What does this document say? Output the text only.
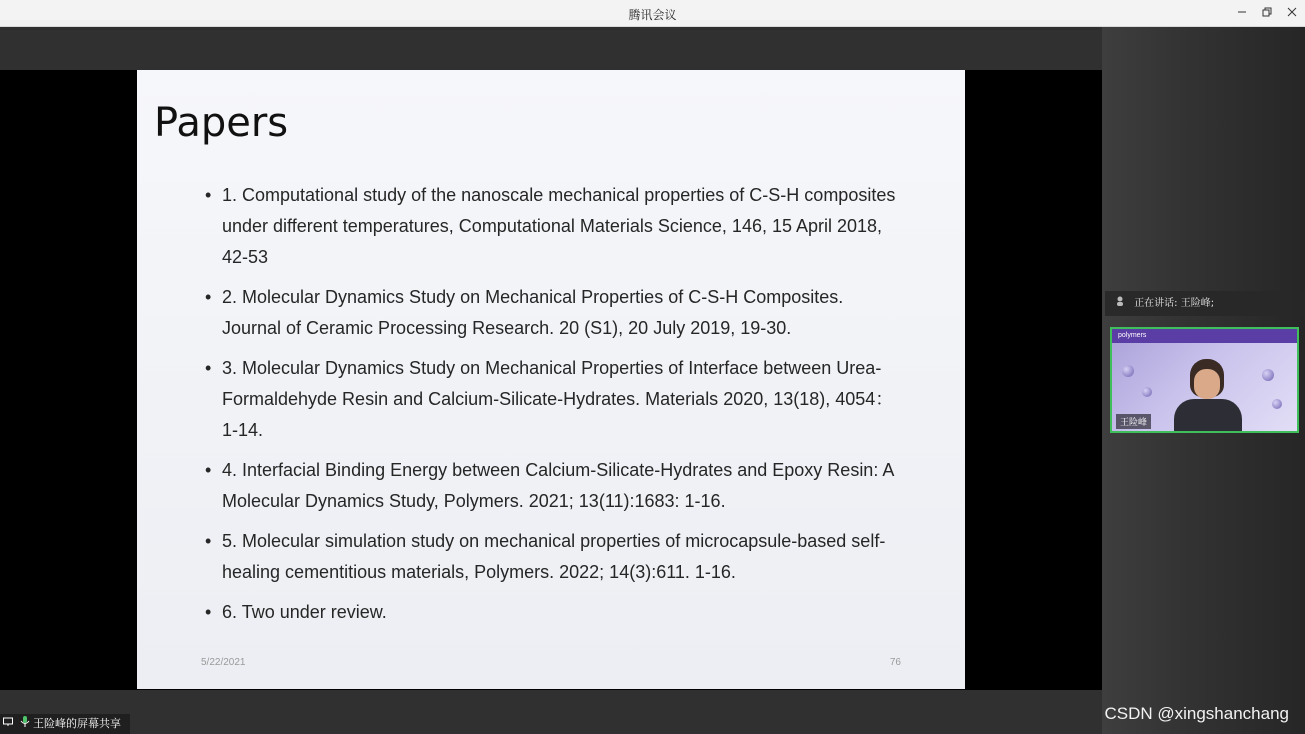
腾讯会议
Papers
• 1. Computational study of the nanoscale mechanical properties of C-S-H composites under different temperatures, Computational Materials Science, 146, 15 April 2018, 42-53
• 2. Molecular Dynamics Study on Mechanical Properties of C-S-H Composites. Journal of Ceramic Processing Research. 20 (S1), 20 July 2019, 19-30.
• 3. Molecular Dynamics Study on Mechanical Properties of Interface between Urea-Formaldehyde Resin and Calcium-Silicate-Hydrates. Materials 2020, 13(18), 4054：1-14.
• 4. Interfacial Binding Energy between Calcium-Silicate-Hydrates and Epoxy Resin: A Molecular Dynamics Study, Polymers. 2021; 13(11):1683: 1-16.
• 5. Molecular simulation study on mechanical properties of microcapsule-based self-healing cementitious materials, Polymers. 2022; 14(3):611. 1-16.
• 6. Two under review.
5/22/2021	76
王险峰的屏幕共享
正在讲话: 王险峰;
polymers
王险峰
CSDN @xingshanchang
